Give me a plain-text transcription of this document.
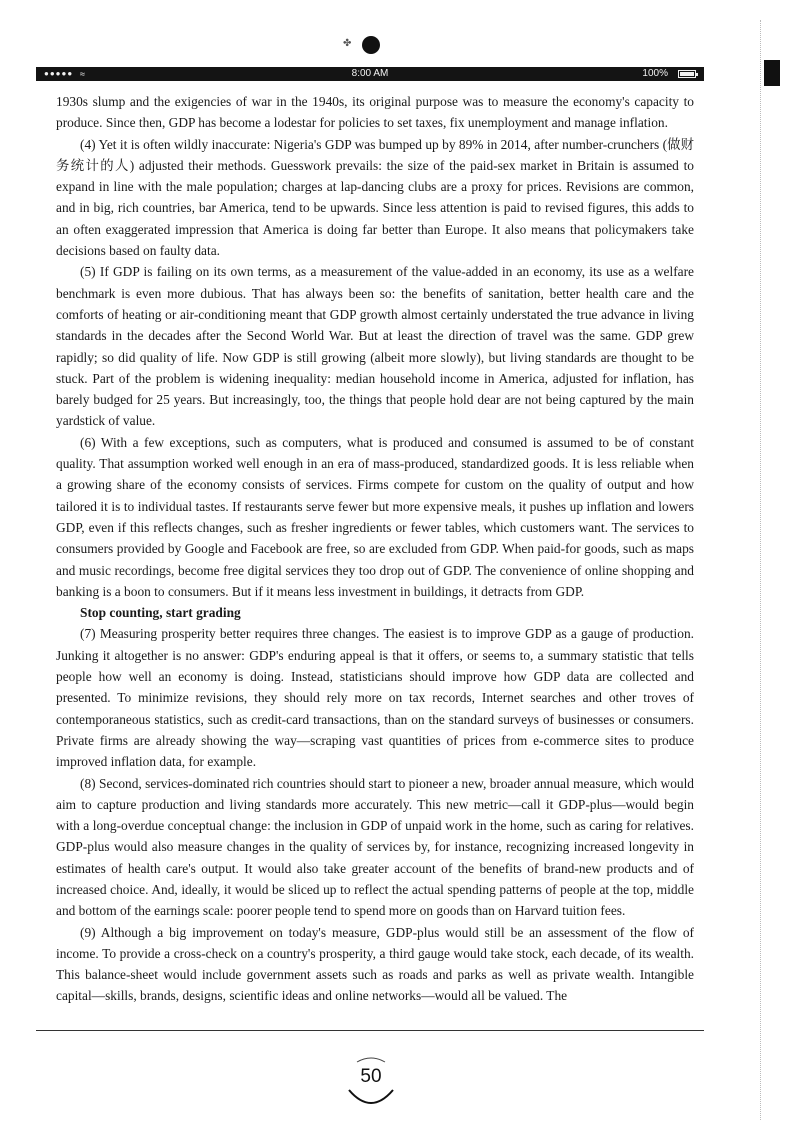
✤
●●●●● ≈	8:00 AM	100%

1930s slump and the exigencies of war in the 1940s, its original purpose was to measure the economy's capacity to produce. Since then, GDP has become a lodestar for policies to set taxes, fix unemployment and manage inflation.

(4) Yet it is often wildly inaccurate: Nigeria's GDP was bumped up by 89% in 2014, after number-crunchers (做财务统计的人) adjusted their methods. Guesswork prevails: the size of the paid-sex market in Britain is assumed to expand in line with the male population; charges at lap-dancing clubs are a proxy for prices. Revisions are common, and in big, rich countries, bar America, tend to be upwards. Since less attention is paid to revised figures, this adds to an often exaggerated impression that America is doing far better than Europe. It also means that policymakers take decisions based on faulty data.

(5) If GDP is failing on its own terms, as a measurement of the value-added in an economy, its use as a welfare benchmark is even more dubious. That has always been so: the benefits of sanitation, better health care and the comforts of heating or air-conditioning meant that GDP growth almost certainly understated the true advance in living standards in the decades after the Second World War. But at least the direction of travel was the same. GDP grew rapidly; so did quality of life. Now GDP is still growing (albeit more slowly), but living standards are thought to be stuck. Part of the problem is widening inequality: median household income in America, adjusted for inflation, has barely budged for 25 years. But increasingly, too, the things that people hold dear are not being captured by the main yardstick of value.

(6) With a few exceptions, such as computers, what is produced and consumed is assumed to be of constant quality. That assumption worked well enough in an era of mass-produced, standardized goods. It is less reliable when a growing share of the economy consists of services. Firms compete for custom on the quality of output and how tailored it is to individual tastes. If restaurants serve fewer but more expensive meals, it pushes up inflation and lowers GDP, even if this reflects changes, such as fresher ingredients or fewer tables, which customers want. The services to consumers provided by Google and Facebook are free, so are excluded from GDP. When paid-for goods, such as maps and music recordings, become free digital services they too drop out of GDP. The convenience of online shopping and banking is a boon to consumers. But if it means less investment in buildings, it detracts from GDP.

Stop counting, start grading

(7) Measuring prosperity better requires three changes. The easiest is to improve GDP as a gauge of production. Junking it altogether is no answer: GDP's enduring appeal is that it offers, or seems to, a summary statistic that tells people how well an economy is doing. Instead, statisticians should improve how GDP data are collected and presented. To minimize revisions, they should rely more on tax records, Internet searches and other troves of contemporaneous statistics, such as credit-card transactions, than on the standard surveys of businesses or consumers. Private firms are already showing the way—scraping vast quantities of prices from e-commerce sites to produce improved inflation data, for example.

(8) Second, services-dominated rich countries should start to pioneer a new, broader annual measure, which would aim to capture production and living standards more accurately. This new metric—call it GDP-plus—would begin with a long-overdue conceptual change: the inclusion in GDP of unpaid work in the home, such as caring for relatives. GDP-plus would also measure changes in the quality of services by, for instance, recognizing increased longevity in estimates of health care's output. It would also take greater account of the benefits of brand-new products and of increased choice. And, ideally, it would be sliced up to reflect the actual spending patterns of people at the top, middle and bottom of the earnings scale: poorer people tend to spend more on goods than on Harvard tuition fees.

(9) Although a big improvement on today's measure, GDP-plus would still be an assessment of the flow of income. To provide a cross-check on a country's prosperity, a third gauge would take stock, each decade, of its wealth. This balance-sheet would include government assets such as roads and parks as well as private wealth. Intangible capital—skills, brands, designs, scientific ideas and online networks—would all be valued. The

50
